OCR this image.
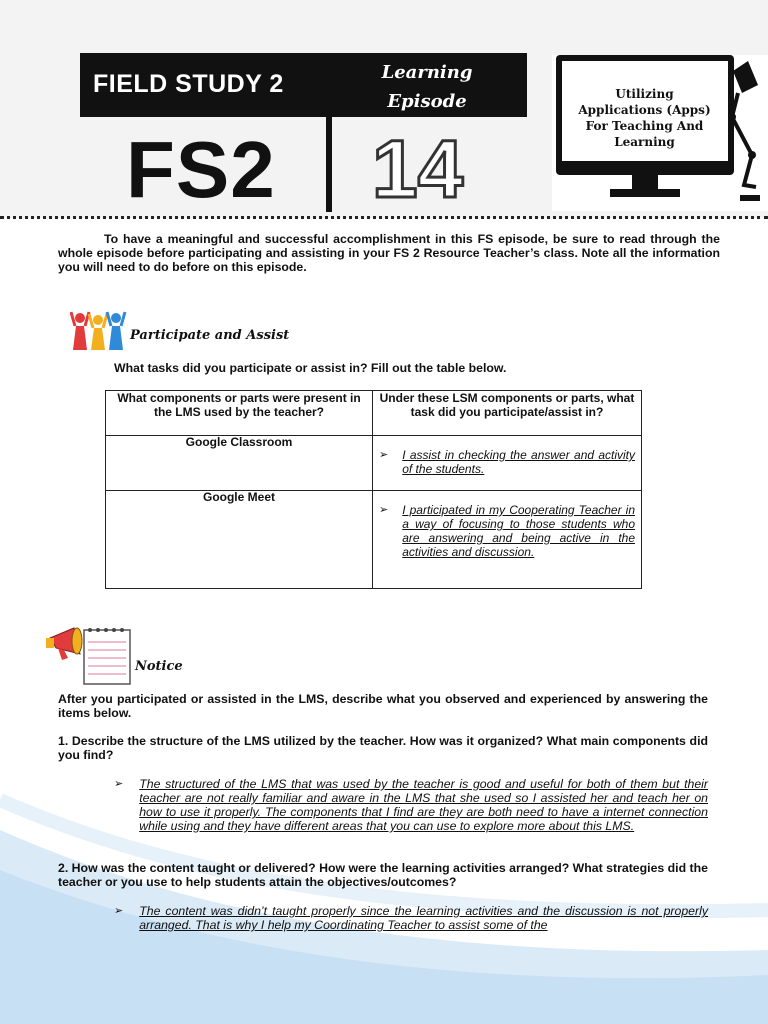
FIELD STUDY 2	Learning Episode
FS2 14
Utilizing Applications (Apps) For Teaching And Learning
To have a meaningful and successful accomplishment in this FS episode, be sure to read through the whole episode before participating and assisting in your FS 2 Resource Teacher’s class. Note all the information you will need to do before on this episode.
Participate and Assist
What tasks did you participate or assist in? Fill out the table below.
What components or parts were present in the LMS used by the teacher?	Under these LSM components or parts, what task did you participate/assist in?
Google Classroom	➢ I assist in checking the answer and activity of the students.

Google Meet	➢ I participated in my Cooperating Teacher in a way of focusing to those students who are answering and being active in the activities and discussion.
Notice
After you participated or assisted in the LMS, describe what you observed and experienced by answering the items below.
1. Describe the structure of the LMS utilized by the teacher. How was it organized? What main components did you find?
➢ The structured of the LMS that was used by the teacher is good and useful for both of them but their teacher are not really familiar and aware in the LMS that she used so I assisted her and teach her on how to use it properly. The components that I find are they are both need to have a internet connection while using and they have different areas that you can use to explore more about this LMS.
2. How was the content taught or delivered? How were the learning activities arranged? What strategies did the teacher or you use to help students attain the objectives/outcomes?
➢ The content was didn’t taught properly since the learning activities and the discussion is not properly arranged. That is why I help my Coordinating Teacher to assist some of the
